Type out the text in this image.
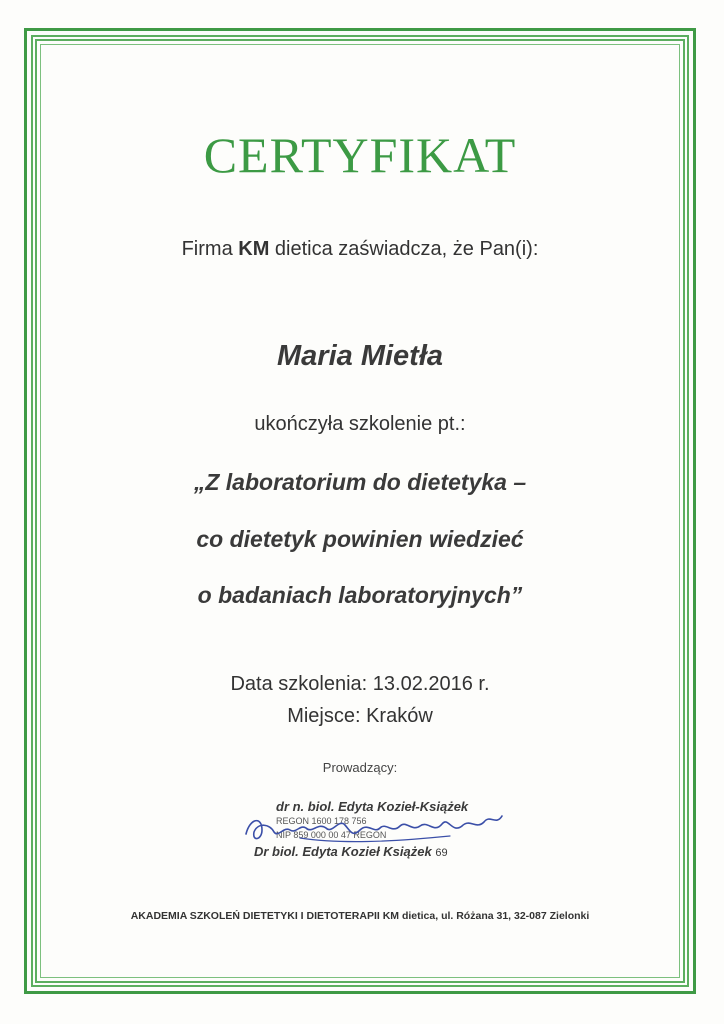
CERTYFIKAT
Firma KM dietica zaświadcza, że Pan(i):
Maria Mietła
ukończyła szkolenie pt.:
„Z laboratorium do dietetyka –
co dietetyk powinien wiedzieć
o badaniach laboratoryjnych”
Data szkolenia: 13.02.2016 r.
Miejsce: Kraków
Prowadzący:
dr n. biol. Edyta Kozieł-Książek
REGON 1600 178 756
NIP 859 000 00 47 REGON
Dr biol. Edyta Kozieł Książek 69
AKADEMIA SZKOLEŃ DIETETYKI I DIETOTERAPII KM dietica, ul. Różana 31, 32-087 Zielonki
